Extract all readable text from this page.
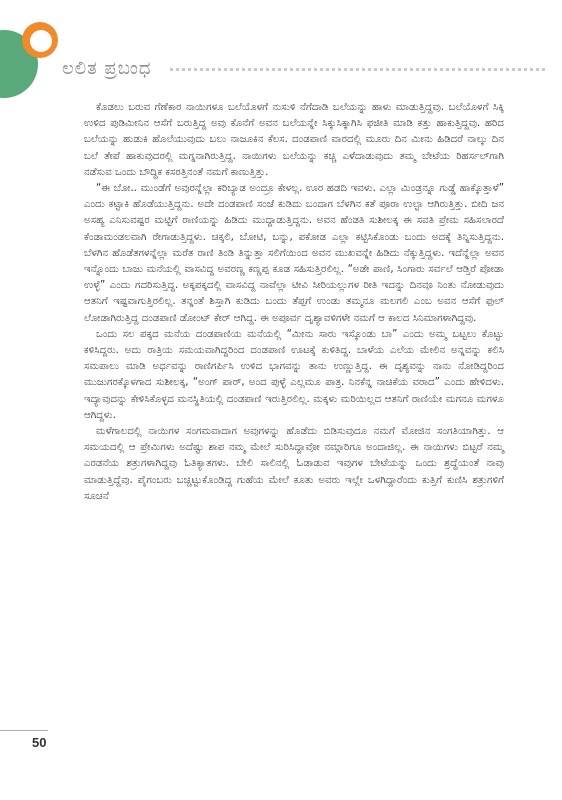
ಲಲಿತ ಪ್ರಬಂಧ

ಕೊಡಲು ಬರುವ ಗೆಣೆಕಾರ ನಾಯಿಗಳೂ ಬಲೆಯೊಳಗೆ ನುಸುಳಿ ನೆಗೆದಾಡಿ ಬಲೆಯನ್ನು ಹಾಳು ಮಾಡುತ್ತಿದ್ದವು. ಬಲೆಯೊಳಗೆ ಸಿಕ್ಕಿ ಉಳಿದ ಪುಡಿಮೀನಿನ ಆಸೆಗೆ ಬರುತ್ತಿದ್ದ ಅವು ಕೊನೆಗೆ ಅವನ ಬಲೆಯನ್ನೇ ಸಿಕ್ಕುಸಿಕ್ಕಾಗಿಸಿ ಫಜೀತಿ ಮಾಡಿ ಕತ್ತು ಹಾಕುತ್ತಿದ್ದವು. ಹರಿದ ಬಲೆಯನ್ನು ಹುಡುಕಿ ಹೊಲೆಯುವುದು ಬಲು ನಾಜೂಕಿನ ಕೆಲಸ. ದಂಡಪಾಣಿ ವಾರದಲ್ಲಿ ಮೂರು ದಿನ ಮೀನು ಹಿಡಿದರೆ ನಾಲ್ಕು ದಿನ ಬಲೆ ತೇಪೆ ಹಾಕುವುದರಲ್ಲಿ ಮಗ್ನನಾಗಿರುತ್ತಿದ್ದ. ನಾಯಿಗಳು ಬಲೆಯನ್ನು ಕಚ್ಚಿ ಎಳೆದಾಡುವುದು ತಮ್ಮ ಬೇಟೆಯ ರಿಹರ್ಸಲ್‌ಗಾಗಿ ನಡೆಸುವ ಒಂದು ಬೌದ್ಧಿಕ ಕಸರತ್ತಿನಂತೆ ನಮಗೆ ಕಾಣುತ್ತಿತ್ತು.

“ಈ ಬೋ.. ಮುಂಡೆಗೆ ಅವುರನ್ನೆಲ್ಲಾ ಕರಿಬ್ಯಾಡ ಅಂದ್ರೂ ಕೇಳಲ್ಲ. ಊರ ಹಡದಿ ಇವಳು. ಎಲ್ಲಾ ಮಿಂಡ್ರನ್ನೂ ಗುಡ್ಡೆ ಹಾಕ್ಕೊತ್ತಾಳೆ” ಎಂದು ಕಟ್ಟಾಕಿ ಹೊಡೆಯುತ್ತಿದ್ದನು. ಅದೇ ದಂಡಪಾಣಿ ಸಂಜೆ ಕುಡಿದು ಬಂದಾಗ ಬೆಳಗಿನ ಕತೆ ಪೂರಾ ಉಲ್ಟಾ ಆಗಿರುತ್ತಿತ್ತು. ಬೀದಿ ಜನ ಅಸಹ್ಯ ಎನಿಸುವಷ್ಟರ ಮಟ್ಟಿಗೆ ರಾಣಿಯನ್ನು ಹಿಡಿದು ಮುದ್ದಾಡುತ್ತಿದ್ದನು. ಅವನ ಹೆಂಡತಿ ಸುಶೀಲಕ್ಕ ಈ ಸವತಿ ಪ್ರೇಮ ಸಹಿಸಲಾರದೆ ಕೆಂಡಾಮಂಡಲವಾಗಿ ರೇಗಾಡುತ್ತಿದ್ದಳು. ಚಕ್ಕಲಿ, ಬೋಟಿ, ಬನ್ನು, ಪಕೋಡ ಎಲ್ಲಾ ಕಟ್ಟಿಸಿಕೊಂಡು ಬಂದು ಅದಕ್ಕೆ ತಿನ್ನಿಸುತ್ತಿದ್ದನು. ಬೆಳಗಿನ ಹೊಡೆತಗಳನ್ನೆಲ್ಲಾ ಮರೆತ ರಾಣಿ ತಿಂಡಿ ತಿನ್ನುತ್ತಾ ಸಲಿಗೆಯಿಂದ ಅವನ ಮುಖವನ್ನೇ ಹಿಡಿದು ನೆಕ್ಕುತ್ತಿದ್ದಳು. ಇದೆನ್ನೆಲ್ಲಾ ಅವನ ಇನ್ನೊಂದು ಬಾಜು ಮನೆಯಲ್ಲಿ ವಾಸವಿದ್ದ ಅವರಣ್ಣ ಕಣ್ಣಪ್ಪ ಕೂಡ ಸಹಿಸುತ್ತಿರಲಿಲ್ಲ. “ಅಡೇ ಪಾಣಿ, ಸಿಂಗಾರು ಸರ್ವಲೆ ಆಡ್ತಿರೆ ಪೋಡಾ ಉಳ್ಳೆ” ಎಂದು ಗದರಿಸುತ್ತಿದ್ದ. ಅಕ್ಕಪಕ್ಕದಲ್ಲಿ ವಾಸವಿದ್ದ ನಾವೆಲ್ಲಾ ಟೀವಿ ಸೀರಿಯಲ್ಲುಗಳ ರೀತಿ ಇದನ್ನು ದಿನವೂ ನಿಂತು ನೋಡುವುದು ಆತನಿಗೆ ಇಷ್ಟವಾಗುತ್ತಿರಲಿಲ್ಲ. ತನ್ನಂತೆ ಶಿಸ್ತಾಗಿ ಕುಡಿದು ಬಂದು ತೆಪ್ಪಗೆ ಉಂಡು ತಮ್ಮನೂ ಮಲಗಲಿ ಎಂಬ ಅವನ ಆಸೆಗೆ ಫುಲ್ ಲೋಡಾಗಿರುತ್ತಿದ್ದ ದಂಡಪಾಣಿ ಡೋಂಟ್ ಕೇರ್ ಆಗಿದ್ದ. ಈ ಅಪೂರ್ವ ದೃಶ್ಯಾವಳಿಗಳೇ ನಮಗೆ ಆ ಕಾಲದ ಸಿನಿಮಾಗಳಾಗಿದ್ದವು.

ಒಂದು ಸಲ ಪಕ್ಕದ ಮನೆಯ ದಂಡಪಾಣಿಯ ಮನೆಯಲ್ಲಿ “ಮೀನು ಸಾರು ಇಸ್ಕೊಂಡು ಬಾ” ಎಂದು ಅಮ್ಮ ಬಟ್ಟಲು ಕೊಟ್ಟು ಕಳಿಸಿದ್ದರು. ಅದು ರಾತ್ರಿಯ ಸಮಯವಾಗಿದ್ದರಿಂದ ದಂಡಪಾಣಿ ಊಟಕ್ಕೆ ಕುಳಿತಿದ್ದ. ಬಾಳೆಯ ಎಲೆಯ ಮೇಲಿನ ಅನ್ನವನ್ನು ಕಲಿಸಿ ಸಮಪಾಲು ಮಾಡಿ ಅರ್ಧವನ್ನು ರಾಣಿಗರ್ಪಿಸಿ ಉಳಿದ ಭಾಗವನ್ನು ತಾನು ಉಣ್ಣುತ್ತಿದ್ದ. ಈ ದೃಶ್ಯವನ್ನು ನಾನು ನೋಡಿದ್ದರಿಂದ ಮುಜುಗರಕ್ಕೊಳಗಾದ ಸುಶೀಲಕ್ಕ, “ಅಂಗ್ ಪಾರ್, ಅಂದ ಪುಳ್ಳೆ ಎಲ್ಲಮೂ ಪಾತ್ರ. ನಿನಕೆನ್ನ ನಾಚಿಕೆಯ ವರಾದ” ಎಂದು ಹೇಳಿದಳು. ಇದ್ಯಾವುದನ್ನು ಕೇಳಿಸಿಕೊಳ್ಳದ ಮನಸ್ಥಿತಿಯಲ್ಲಿ ದಂಡಪಾಣಿ ಇರುತ್ತಿರಲಿಲ್ಲ. ಮಕ್ಕಳು ಮರಿಯಿಲ್ಲದ ಆತನಿಗೆ ರಾಣಿಯೇ ಮಗನೂ ಮಗಳೂ ಆಗಿದ್ದಳು.

ಮಳೆಗಾಲದಲ್ಲಿ ನಾಯಿಗಳ ಸಂಗಮವಾದಾಗ ಅವುಗಳನ್ನು ಹೊಡೆದು ಬಿಡಿಸುವುದೂ ನಮಗೆ ಮೋಜಿನ ಸಂಗತಿಯಾಗಿತ್ತು. ಆ ಸಮಯದಲ್ಲಿ ಆ ಪ್ರೇಮಿಗಳು ಅದೆಷ್ಟು ಶಾಪ ನಮ್ಮ ಮೇಲೆ ಸುರಿಸಿದ್ದಾವೋ ನಮ್ಗಾರಿಗೂ ಅಂದಾಜಿಲ್ಲ. ಈ ನಾಯಿಗಳು ಬಿಟ್ಟರೆ ನಮ್ಮ ಎರಡನೆಯ ಶತ್ರುಗಳಾಗಿದ್ದವು ಓತಿಕ್ಯಾತಗಳು. ಬೇಲಿ ಸಾಲಿನಲ್ಲಿ ಓಡಾಡುವ ಇವುಗಳ ಬೇಟೆಯನ್ನು ಒಂದು ಶ್ರದ್ಧೆಯಂತೆ ನಾವು ಮಾಡುತ್ತಿದ್ದೆವು. ಪೈಗಂಬರು ಬಚ್ಚಿಟ್ಟುಕೊಂಡಿದ್ದ ಗುಹೆಯ ಮೇಲೆ ಕೂತು ಅವರು ಇಲ್ಲೇ ಒಳಗಿದ್ದಾರೆಂದು ಕುತ್ತಿಗೆ ಕುಣಿಸಿ ಶತ್ರುಗಳಿಗೆ ಸೂಚನೆ

50
